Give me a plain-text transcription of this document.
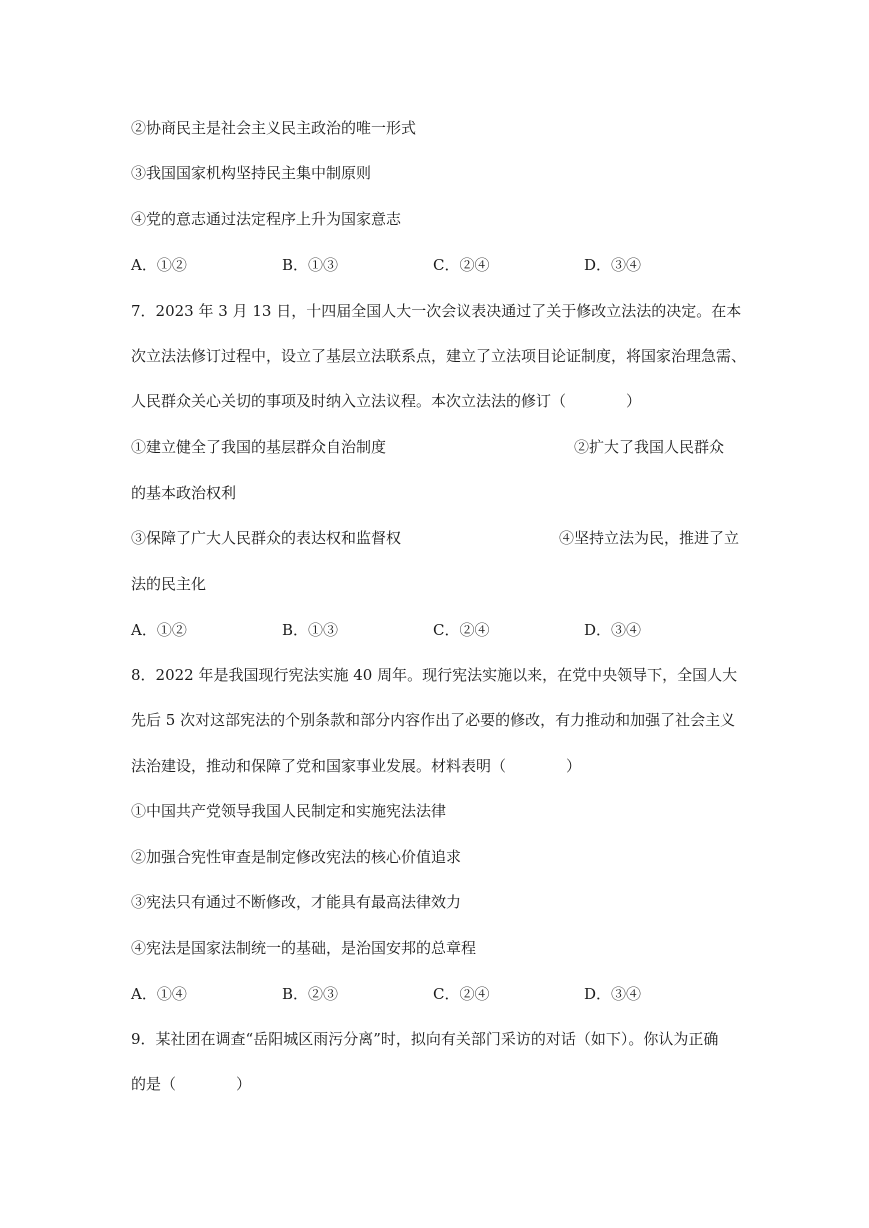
②协商民主是社会主义民主政治的唯一形式
③我国国家机构坚持民主集中制原则
④党的意志通过法定程序上升为国家意志
A．①②	B．①③	C．②④	D．③④
7．2023 年 3 月 13 日，十四届全国人大一次会议表决通过了关于修改立法法的决定。在本
次立法法修订过程中，设立了基层立法联系点，建立了立法项目论证制度，将国家治理急需、
人民群众关心关切的事项及时纳入立法议程。本次立法法的修订（　　　　）
①建立健全了我国的基层群众自治制度	②扩大了我国人民群众
的基本政治权利
③保障了广大人民群众的表达权和监督权	④坚持立法为民，推进了立
法的民主化
A．①②	B．①③	C．②④	D．③④
8．2022 年是我国现行宪法实施 40 周年。现行宪法实施以来，在党中央领导下，全国人大
先后 5 次对这部宪法的个别条款和部分内容作出了必要的修改，有力推动和加强了社会主义
法治建设，推动和保障了党和国家事业发展。材料表明（　　　　）
①中国共产党领导我国人民制定和实施宪法法律
②加强合宪性审查是制定修改宪法的核心价值追求
③宪法只有通过不断修改，才能具有最高法律效力
④宪法是国家法制统一的基础，是治国安邦的总章程
A．①④	B．②③	C．②④	D．③④
9．某社团在调查“岳阳城区雨污分离”时，拟向有关部门采访的对话（如下）。你认为正确
的是（　　　　）
